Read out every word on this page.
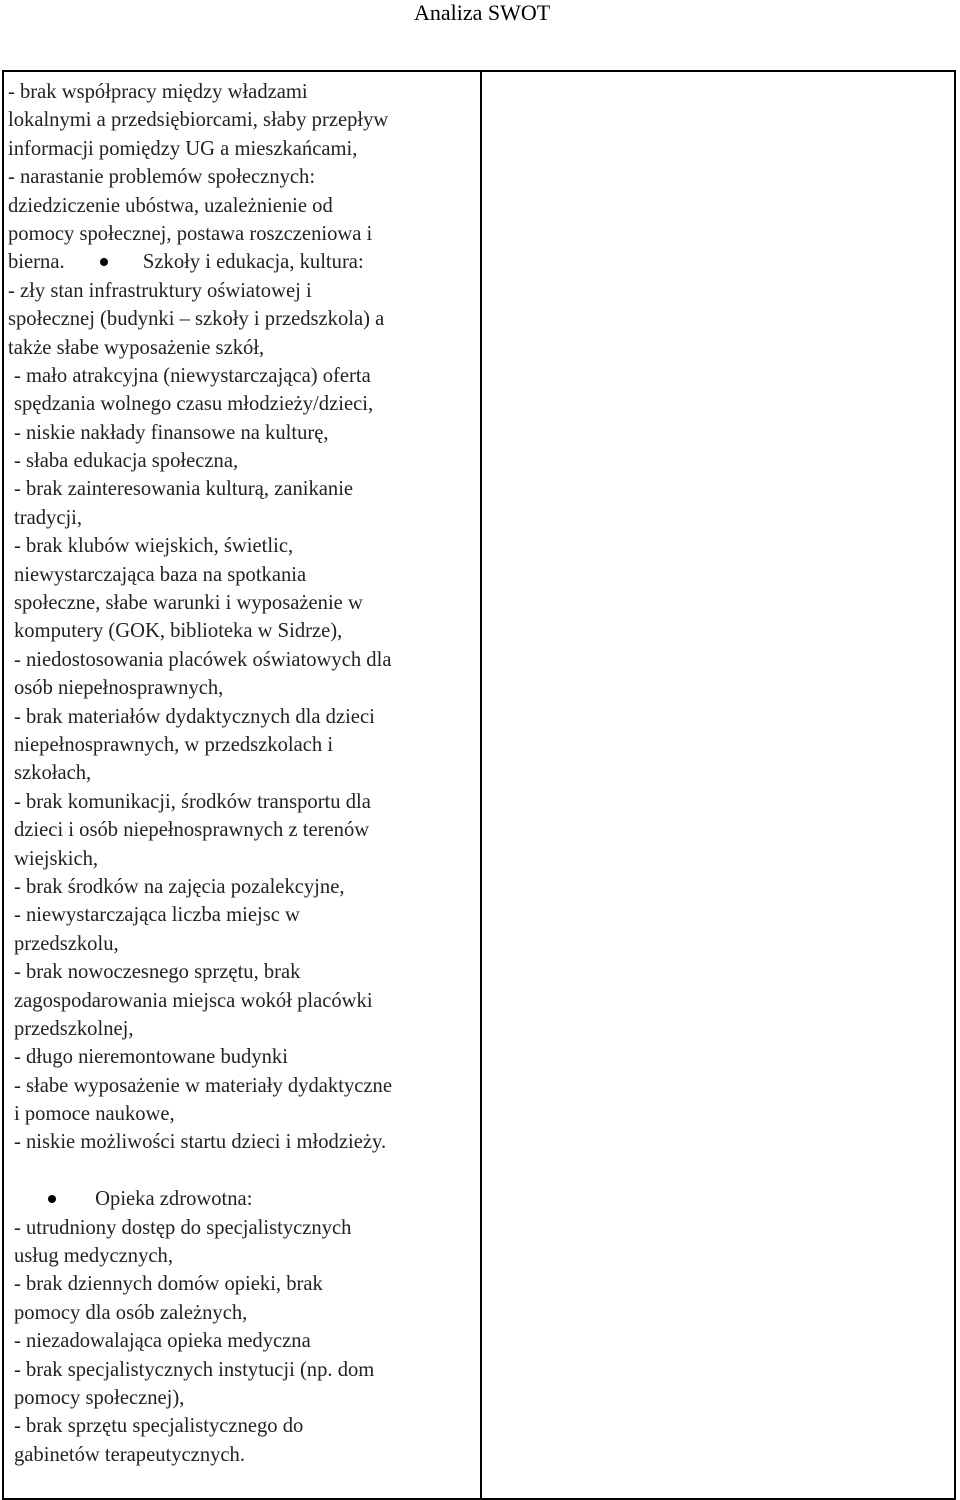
Analiza SWOT
- brak współpracy między władzami
lokalnymi a przedsiębiorcami, słaby przepływ
informacji pomiędzy UG a mieszkańcami,
- narastanie problemów społecznych:
dziedziczenie ubóstwa, uzależnienie od
pomocy społecznej, postawa roszczeniowa i
bierna.	Szkoły i edukacja, kultura:
- zły stan infrastruktury oświatowej i
społecznej (budynki – szkoły i przedszkola) a
także słabe wyposażenie szkół,
- mało atrakcyjna (niewystarczająca) oferta
spędzania wolnego czasu młodzieży/dzieci,
- niskie nakłady finansowe na kulturę,
- słaba edukacja społeczna,
- brak zainteresowania kulturą, zanikanie
tradycji,
- brak klubów wiejskich, świetlic,
niewystarczająca baza na spotkania
społeczne, słabe warunki i wyposażenie w
komputery (GOK, biblioteka w Sidrze),
- niedostosowania placówek oświatowych dla
osób niepełnosprawnych,
- brak materiałów dydaktycznych dla dzieci
niepełnosprawnych, w przedszkolach i
szkołach,
- brak komunikacji, środków transportu dla
dzieci i osób niepełnosprawnych z terenów
wiejskich,
- brak środków na zajęcia pozalekcyjne,
- niewystarczająca liczba miejsc w
przedszkolu,
- brak nowoczesnego sprzętu, brak
zagospodarowania miejsca wokół placówki
przedszkolnej,
- długo nieremontowane budynki
- słabe wyposażenie w materiały dydaktyczne
i pomoce naukowe,
- niskie możliwości startu dzieci i młodzieży.
Opieka zdrowotna:
- utrudniony dostęp do specjalistycznych
usług medycznych,
- brak dziennych domów opieki, brak
pomocy dla osób zależnych,
- niezadowalająca opieka medyczna
- brak specjalistycznych instytucji (np. dom
pomocy społecznej),
- brak sprzętu specjalistycznego do
gabinetów terapeutycznych.
